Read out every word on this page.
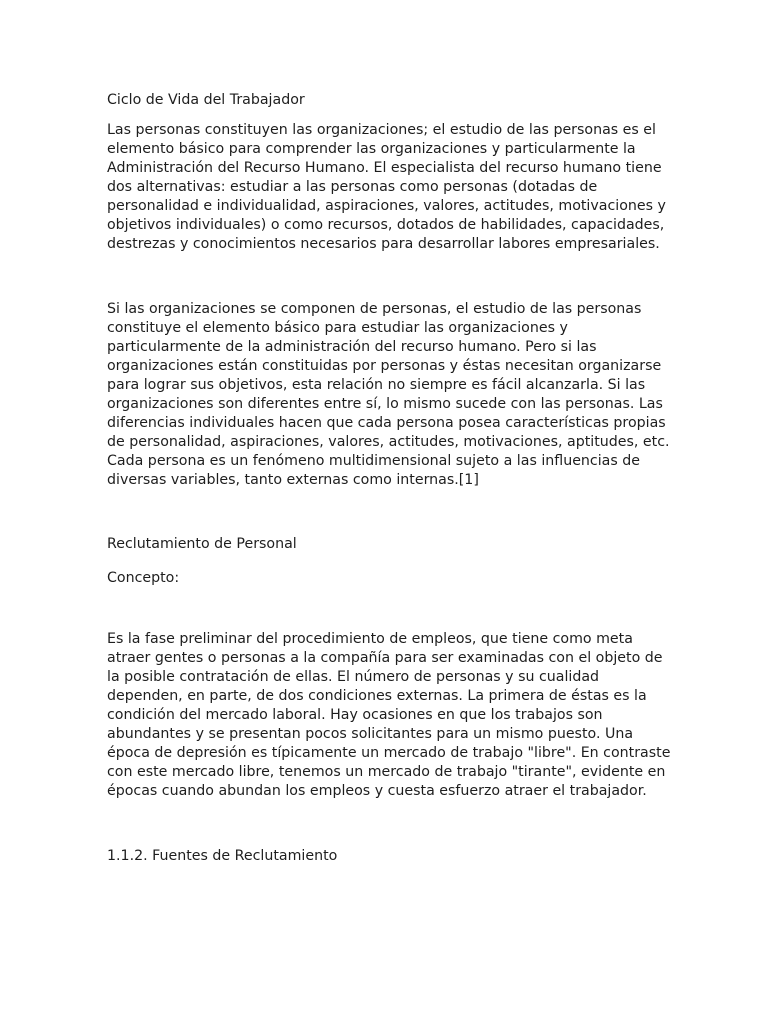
Ciclo de Vida del Trabajador

Las personas constituyen las organizaciones; el estudio de las personas es el
elemento básico para comprender las organizaciones y particularmente la
Administración del Recurso Humano. El especialista del recurso humano tiene
dos alternativas: estudiar a las personas como personas (dotadas de
personalidad e individualidad, aspiraciones, valores, actitudes, motivaciones y
objetivos individuales) o como recursos, dotados de habilidades, capacidades,
destrezas y conocimientos necesarios para desarrollar labores empresariales.
Si las organizaciones se componen de personas, el estudio de las personas
constituye el elemento básico para estudiar las organizaciones y
particularmente de la administración del recurso humano. Pero si las
organizaciones están constituidas por personas y éstas necesitan organizarse
para lograr sus objetivos, esta relación no siempre es fácil alcanzarla. Si las
organizaciones son diferentes entre sí, lo mismo sucede con las personas. Las
diferencias individuales hacen que cada persona posea características propias
de personalidad, aspiraciones, valores, actitudes, motivaciones, aptitudes, etc.
Cada persona es un fenómeno multidimensional sujeto a las influencias de
diversas variables, tanto externas como internas.[1]

Reclutamiento de Personal

Concepto:

Es la fase preliminar del procedimiento de empleos, que tiene como meta
atraer gentes o personas a la compañía para ser examinadas con el objeto de
la posible contratación de ellas. El número de personas y su cualidad
dependen, en parte, de dos condiciones externas. La primera de éstas es la
condición del mercado laboral. Hay ocasiones en que los trabajos son
abundantes y se presentan pocos solicitantes para un mismo puesto. Una
época de depresión es típicamente un mercado de trabajo "libre". En contraste
con este mercado libre, tenemos un mercado de trabajo "tirante", evidente en
épocas cuando abundan los empleos y cuesta esfuerzo atraer el trabajador.

1.1.2. Fuentes de Reclutamiento
